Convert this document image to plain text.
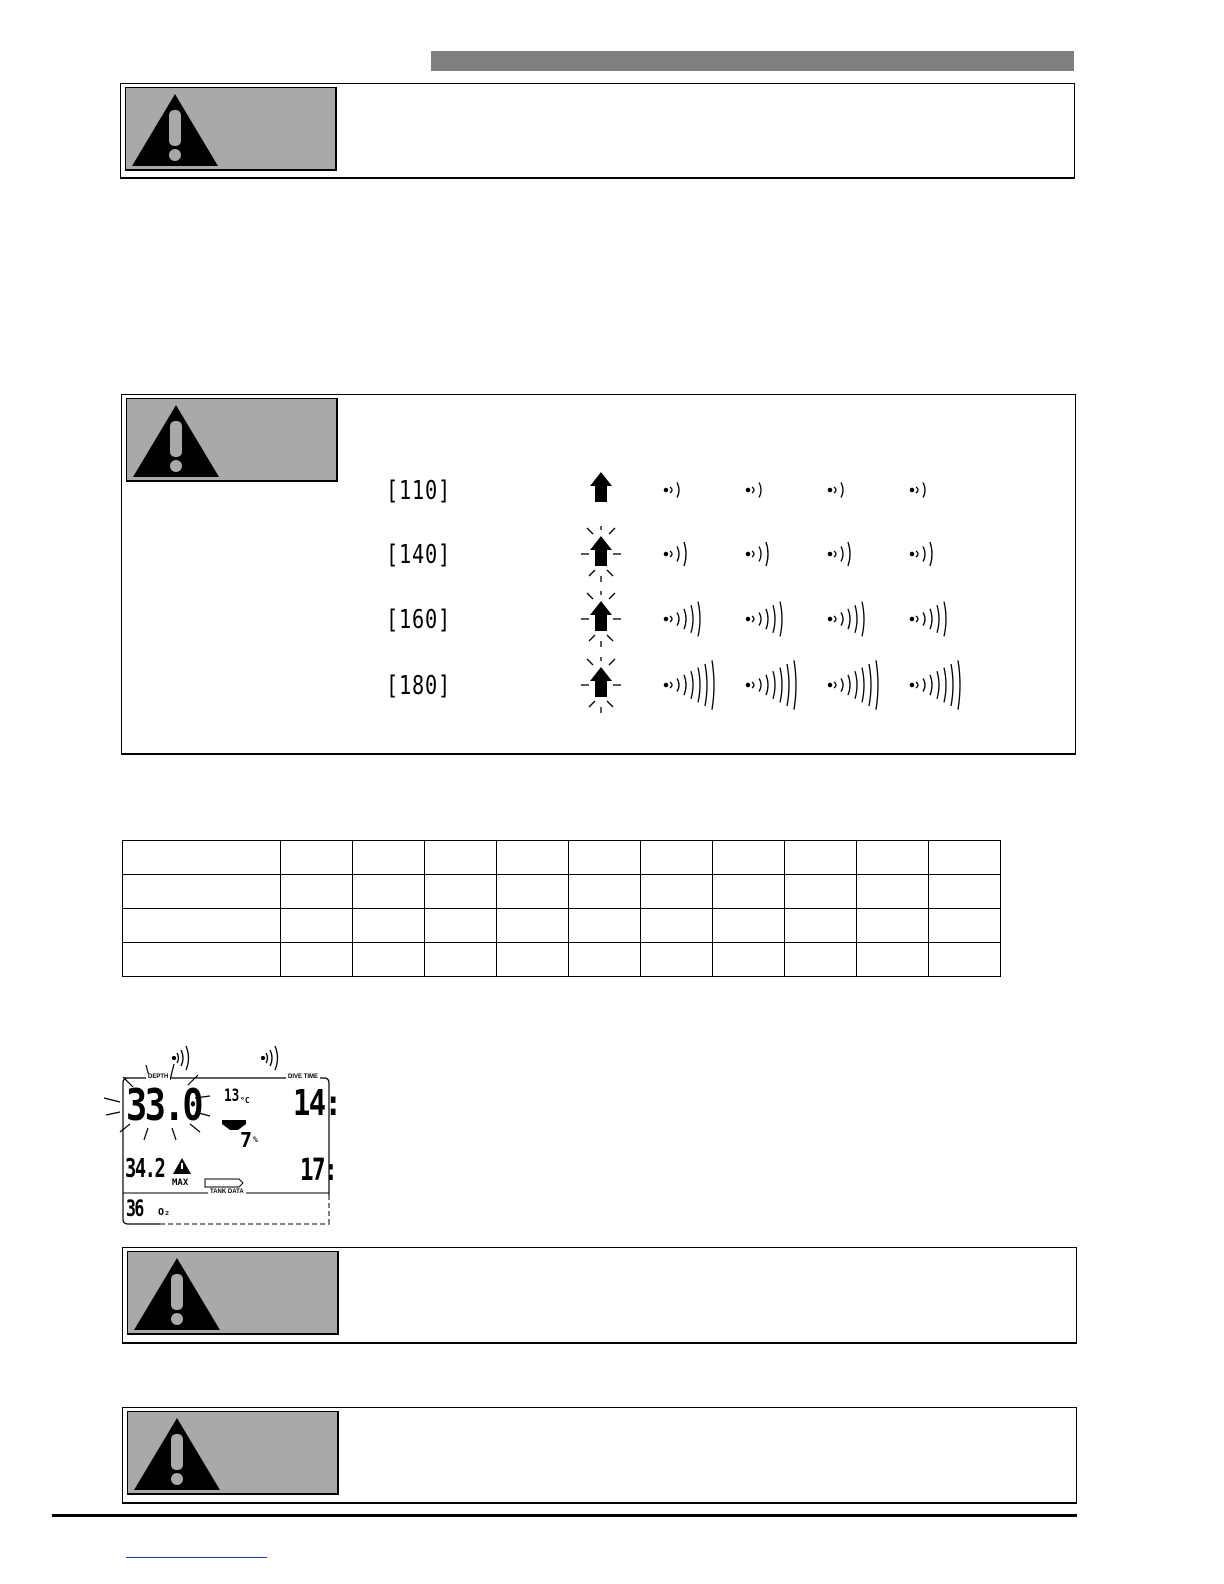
[110]
[140]
[160]
[180]

DEPTH	DIVE TIME
TANK DATA
33.0 13 °C
7 %
14:
34.2 MAX	17:
36 O₂
